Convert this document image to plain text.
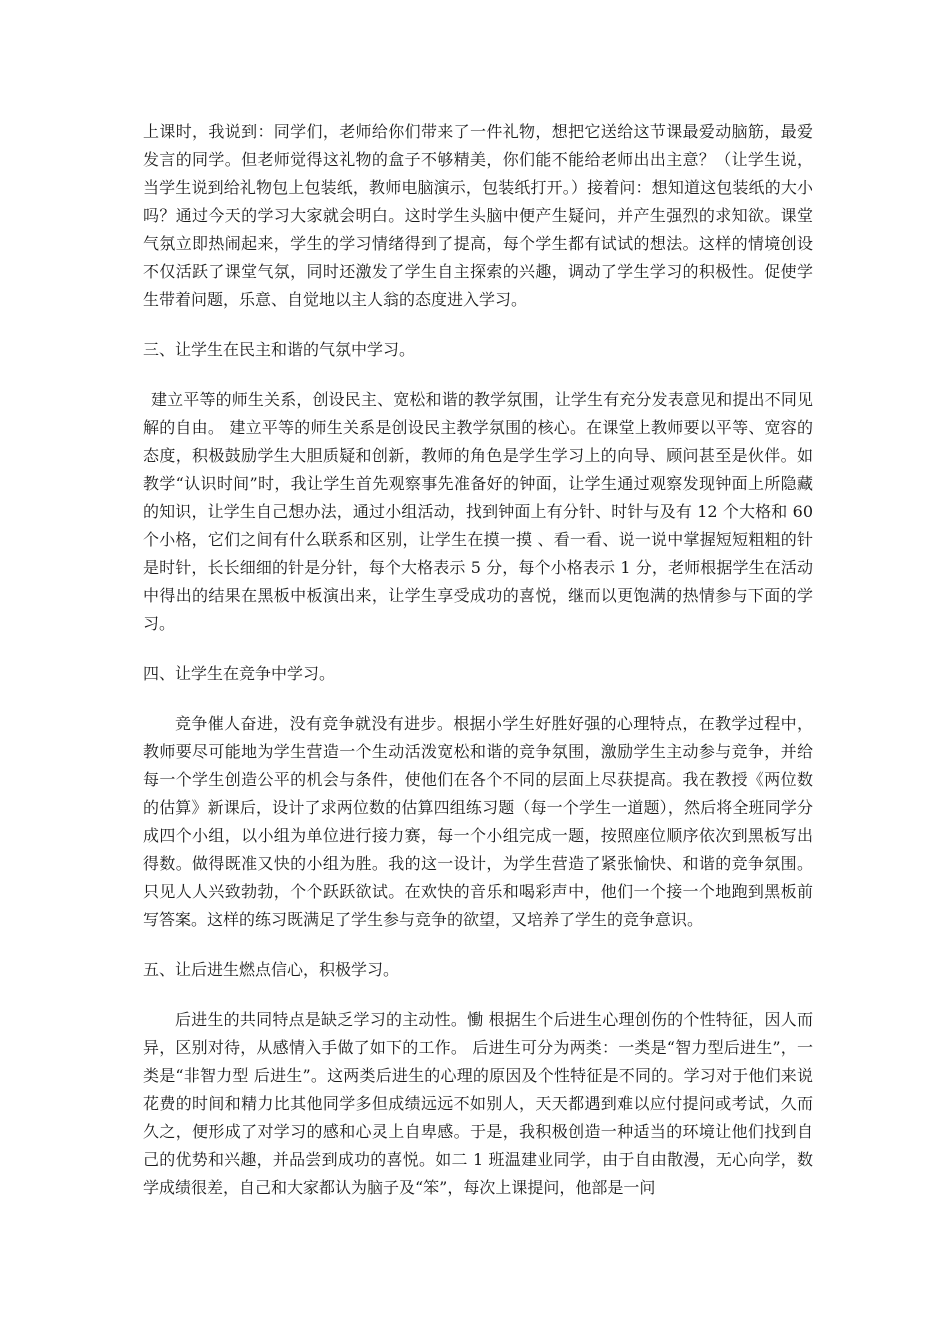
上课时，我说到：同学们，老师给你们带来了一件礼物，想把它送给这节课最爱动脑筋，最爱发言的同学。但老师觉得这礼物的盒子不够精美，你们能不能给老师出出主意？（让学生说，当学生说到给礼物包上包装纸，教师电脑演示，包装纸打开。）接着问：想知道这包装纸的大小吗？通过今天的学习大家就会明白。这时学生头脑中便产生疑问，并产生强烈的求知欲。课堂气氛立即热闹起来，学生的学习情绪得到了提高，每个学生都有试试的想法。这样的情境创设不仅活跃了课堂气氛，同时还激发了学生自主探索的兴趣，调动了学生学习的积极性。促使学生带着问题，乐意、自觉地以主人翁的态度进入学习。

三、让学生在民主和谐的气氛中学习。

建立平等的师生关系，创设民主、宽松和谐的教学氛围，让学生有充分发表意见和提出不同见解的自由。 建立平等的师生关系是创设民主教学氛围的核心。在课堂上教师要以平等、宽容的态度，积极鼓励学生大胆质疑和创新，教师的角色是学生学习上的向导、顾问甚至是伙伴。如教学“认识时间”时，我让学生首先观察事先准备好的钟面，让学生通过观察发现钟面上所隐藏的知识，让学生自己想办法，通过小组活动，找到钟面上有分针、时针与及有 12 个大格和 60 个小格，它们之间有什么联系和区别，让学生在摸一摸 、看一看、说一说中掌握短短粗粗的针是时针，长长细细的针是分针，每个大格表示 5 分，每个小格表示 1 分，老师根据学生在活动中得出的结果在黑板中板演出来，让学生享受成功的喜悦，继而以更饱满的热情参与下面的学习。

四、让学生在竞争中学习。

竞争催人奋进，没有竞争就没有进步。根据小学生好胜好强的心理特点，在教学过程中，教师要尽可能地为学生营造一个生动活泼宽松和谐的竞争氛围，激励学生主动参与竞争，并给每一个学生创造公平的机会与条件，使他们在各个不同的层面上尽获提高。我在教授《两位数的估算》新课后，设计了求两位数的估算四组练习题（每一个学生一道题），然后将全班同学分成四个小组，以小组为单位进行接力赛，每一个小组完成一题，按照座位顺序依次到黑板写出得数。做得既准又快的小组为胜。我的这一设计，为学生营造了紧张愉快、和谐的竞争氛围。只见人人兴致勃勃，个个跃跃欲试。在欢快的音乐和喝彩声中，他们一个接一个地跑到黑板前写答案。这样的练习既满足了学生参与竞争的欲望，又培养了学生的竞争意识。

五、让后进生燃点信心，积极学习。

后进生的共同特点是缺乏学习的主动性。慟 根据生个后进生心理创伤的个性特征，因人而异，区别对待，从感情入手做了如下的工作。 后进生可分为两类：一类是“智力型后进生”，一类是“非智力型 后进生”。这两类后进生的心理的原因及个性特征是不同的。学习对于他们来说花费的时间和精力比其他同学多但成绩远远不如别人，天天都遇到难以应付提问或考试，久而久之，便形成了对学习的感和心灵上自卑感。于是，我积极创造一种适当的环境让他们找到自己的优势和兴趣，并品尝到成功的喜悦。如二 1 班温建业同学，由于自由散漫，无心向学，数学成绩很差，自己和大家都认为脑子及“笨”，每次上课提问，他部是一问
